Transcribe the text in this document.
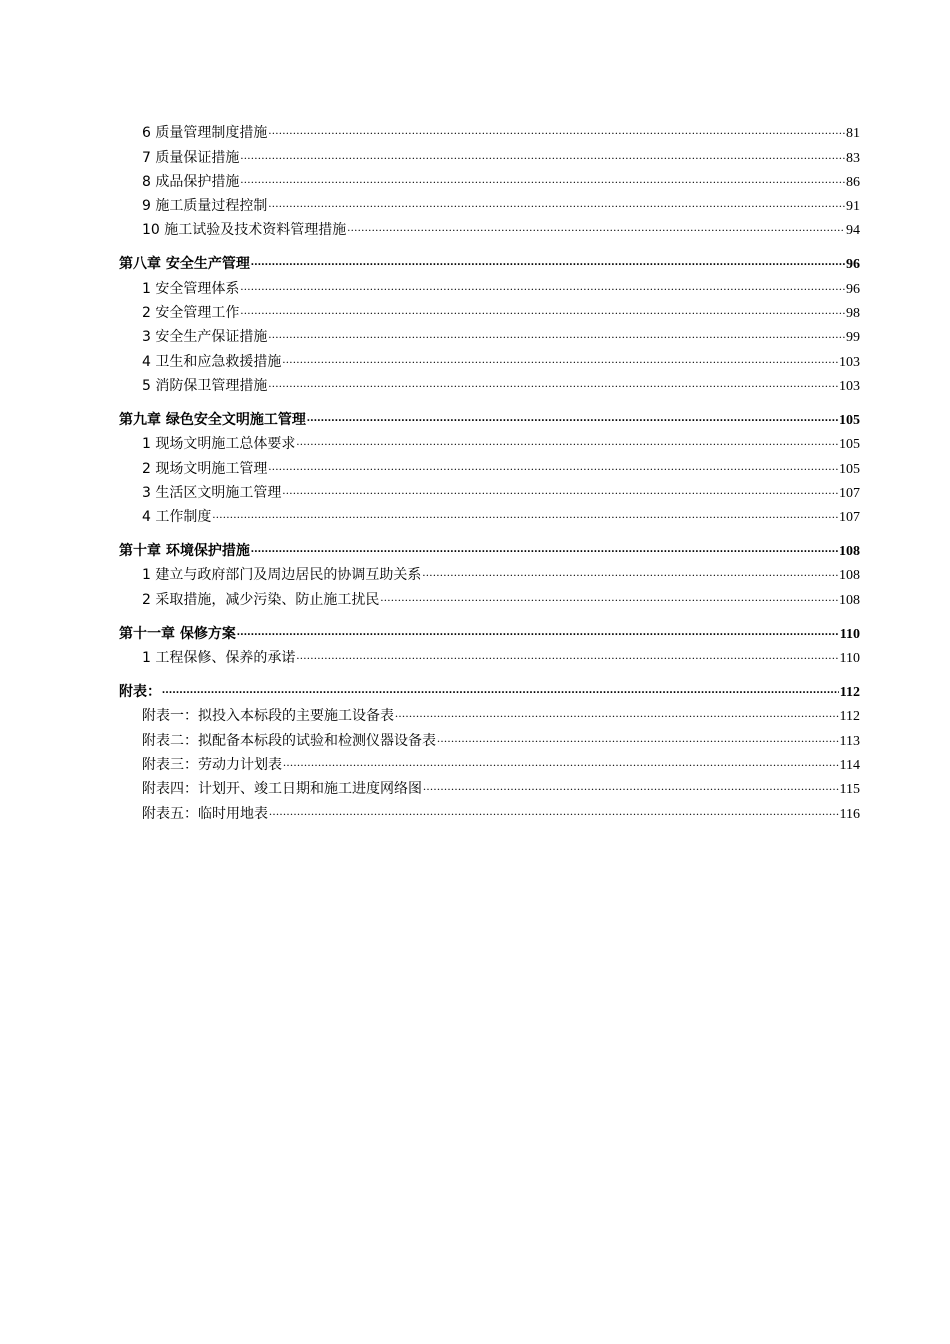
6 质量管理制度措施 .....	81
7 质量保证措施 .....	83
8 成品保护措施 .....	86
9 施工质量过程控制 .....	91
10 施工试验及技术资料管理措施 .....	94
第八章 安全生产管理 .....	96
1 安全管理体系 .....	96
2 安全管理工作 .....	98
3 安全生产保证措施 .....	99
4 卫生和应急救援措施 .....	103
5 消防保卫管理措施 .....	103
第九章 绿色安全文明施工管理 .....	105
1 现场文明施工总体要求 .....	105
2 现场文明施工管理 .....	105
3 生活区文明施工管理 .....	107
4 工作制度 .....	107
第十章 环境保护措施 .....	108
1 建立与政府部门及周边居民的协调互助关系 .....	108
2 采取措施，减少污染、防止施工扰民 .....	108
第十一章 保修方案 .....	110
1 工程保修、保养的承诺 .....	110
附表： .....	112
附表一：拟投入本标段的主要施工设备表 .....	112
附表二：拟配备本标段的试验和检测仪器设备表 .....	113
附表三：劳动力计划表 .....	114
附表四：计划开、竣工日期和施工进度网络图 .....	115
附表五：临时用地表 .....	116
